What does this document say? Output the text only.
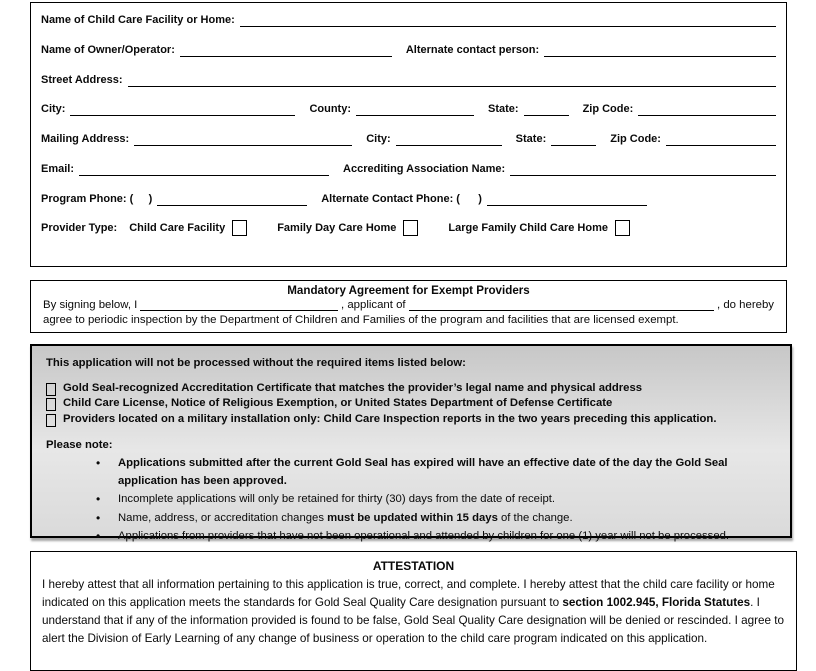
Name of Child Care Facility or Home:
Name of Owner/Operator:	Alternate contact person:
Street Address:
City:	County:	State:	Zip Code:
Mailing Address:	City:	State:	Zip Code:
Email:	Accrediting Association Name:
Program Phone: (     )	Alternate Contact Phone: (      )
Provider Type: Child Care Facility	Family Day Care Home	Large Family Child Care Home
Mandatory Agreement for Exempt Providers
By signing below, I	, applicant of	, do hereby
agree to periodic inspection by the Department of Children and Families of the program and facilities that are licensed exempt.
This application will not be processed without the required items listed below:
Gold Seal-recognized Accreditation Certificate that matches the provider’s legal name and physical address
Child Care License, Notice of Religious Exemption, or United States Department of Defense Certificate
Providers located on a military installation only: Child Care Inspection reports in the two years preceding this application.
Please note:
•
Applications submitted after the current Gold Seal has expired will have an effective date of the day the Gold Seal application has been approved.
•
Incomplete applications will only be retained for thirty (30) days from the date of receipt.
•
Name, address, or accreditation changes must be updated within 15 days of the change.
•
Applications from providers that have not been operational and attended by children for one (1) year will not be processed.
ATTESTATION
I hereby attest that all information pertaining to this application is true, correct, and complete. I hereby attest that the child care facility or home indicated on this application meets the standards for Gold Seal Quality Care designation pursuant to section 1002.945, Florida Statutes. I understand that if any of the information provided is found to be false, Gold Seal Quality Care designation will be denied or rescinded. I agree to alert the Division of Early Learning of any change of business or operation to the child care program indicated on this application.
